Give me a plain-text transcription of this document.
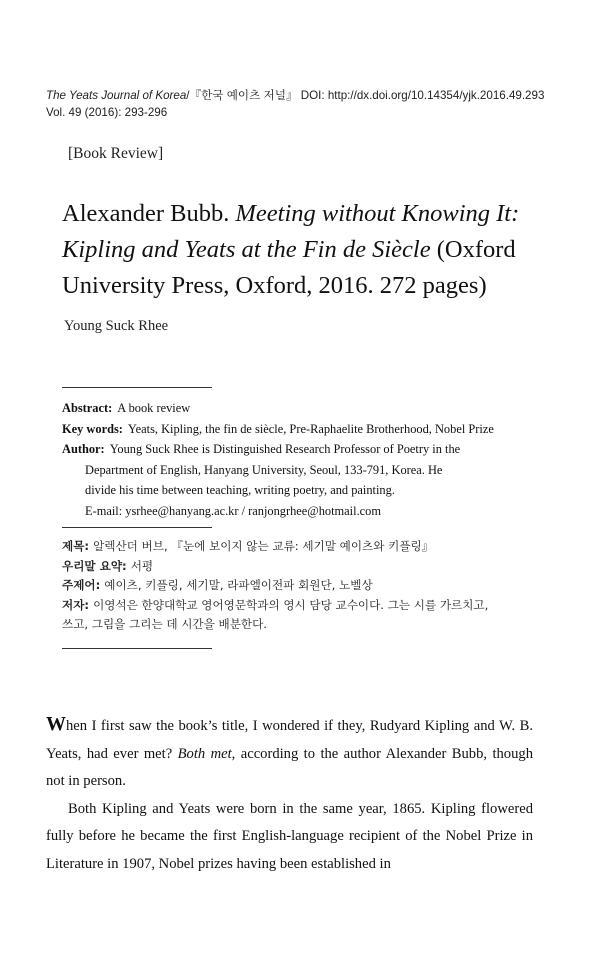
The Yeats Journal of Korea/『한국 예이츠 저널』 DOI: http://dx.doi.org/10.14354/yjk.2016.49.293
Vol. 49 (2016): 293-296
[Book Review]
Alexander Bubb. Meeting without Knowing It:
Kipling and Yeats at the Fin de Siècle (Oxford
University Press, Oxford, 2016. 272 pages)
Young Suck Rhee
Abstract: A book review
Key words: Yeats, Kipling, the fin de siècle, Pre-Raphaelite Brotherhood, Nobel Prize
Author: Young Suck Rhee is Distinguished Research Professor of Poetry in the
Department of English, Hanyang University, Seoul, 133-791, Korea. He
divide his time between teaching, writing poetry, and painting.
E-mail: ysrhee@hanyang.ac.kr / ranjongrhee@hotmail.com
제목: 알렉산더 버브, 『눈에 보이지 않는 교류: 세기말 예이츠와 키플링』
우리말 요약: 서평
주제어: 예이츠, 키플링, 세기말, 라파엘이전파 회원단, 노벨상
저자: 이영석은 한양대학교 영어영문학과의 영시 담당 교수이다. 그는 시를 가르치고,
쓰고, 그림을 그리는 데 시간을 배분한다.

When I first saw the book’s title, I wondered if they, Rudyard Kipling and W. B. Yeats, had ever met? Both met, according to the author Alexander Bubb, though not in person.

Both Kipling and Yeats were born in the same year, 1865. Kipling flowered fully before he became the first English-language recipient of the Nobel Prize in Literature in 1907, Nobel prizes having been established in
